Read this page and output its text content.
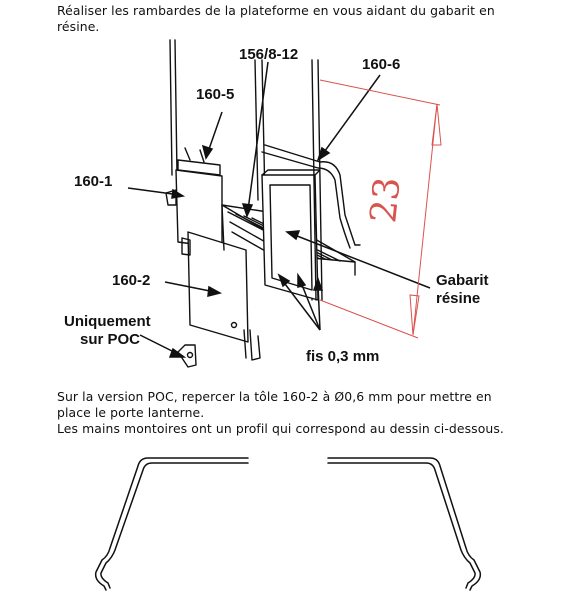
Réaliser les rambardes de la plateforme en vous aidant du gabarit en
résine.
23
156/8-12
160-6
160-5
160-1
160-2
Uniquement
sur POC
Gabarit
résine
fis 0,3 mm
Sur la version POC, repercer la tôle 160-2 à Ø0,6 mm pour mettre en
place le porte lanterne.
Les mains montoires ont un profil qui correspond au dessin ci-dessous.
